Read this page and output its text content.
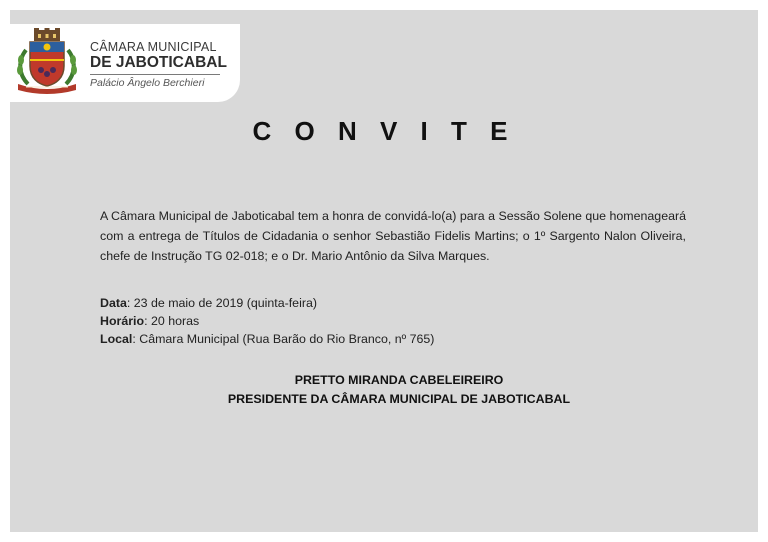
CÂMARA MUNICIPAL
DE JABOTICABAL
Palácio Ângelo Berchieri
C O N V I T E
A Câmara Municipal de Jaboticabal tem a honra de convidá-lo(a) para a Sessão Solene que homenageará com a entrega de Títulos de Cidadania o senhor Sebastião Fidelis Martins; o 1º Sargento Nalon Oliveira, chefe de Instrução TG 02-018; e o Dr. Mario Antônio da Silva Marques.
Data: 23 de maio de 2019 (quinta-feira)
Horário: 20 horas
Local: Câmara Municipal (Rua Barão do Rio Branco, nº 765)
PRETTO MIRANDA CABELEIREIRO
PRESIDENTE DA CÂMARA MUNICIPAL DE JABOTICABAL
